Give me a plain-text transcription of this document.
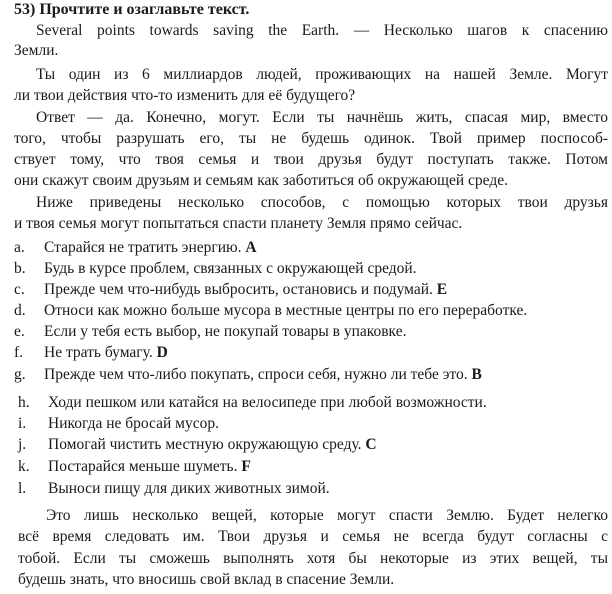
53) Прочтите и озаглавьте текст.
Several points towards saving the Earth. — Несколько шагов к спасению
Земли.
Ты один из 6 миллиардов людей, проживающих на нашей Земле. Могут
ли твои действия что-то изменить для её будущего?
Ответ — да. Конечно, могут. Если ты начнёшь жить, спасая мир, вместо
того, чтобы разрушать его, ты не будешь одинок. Твой пример поспособ-
ствует тому, что твоя семья и твои друзья будут поступать также. Потом
они скажут своим друзьям и семьям как заботиться об окружающей среде.
Ниже приведены несколько способов, с помощью которых твои друзья
и твоя семья могут попытаться спасти планету Земля прямо сейчас.
a. Старайся не тратить энергию. A
b. Будь в курсе проблем, связанных с окружающей средой.
c. Прежде чем что-нибудь выбросить, остановись и подумай. E
d. Относи как можно больше мусора в местные центры по его переработке.
e. Если у тебя есть выбор, не покупай товары в упаковке.
f. Не трать бумагу. D
g. Прежде чем что-либо покупать, спроси себя, нужно ли тебе это. B
h. Ходи пешком или катайся на велосипеде при любой возможности.
i. Никогда не бросай мусор.
j. Помогай чистить местную окружающую среду. C
k. Постарайся меньше шуметь. F
l. Выноси пищу для диких животных зимой.
Это лишь несколько вещей, которые могут спасти Землю. Будет нелегко
всё время следовать им. Твои друзья и семья не всегда будут согласны с
тобой. Если ты сможешь выполнять хотя бы некоторые из этих вещей, ты
будешь знать, что вносишь свой вклад в спасение Земли.
